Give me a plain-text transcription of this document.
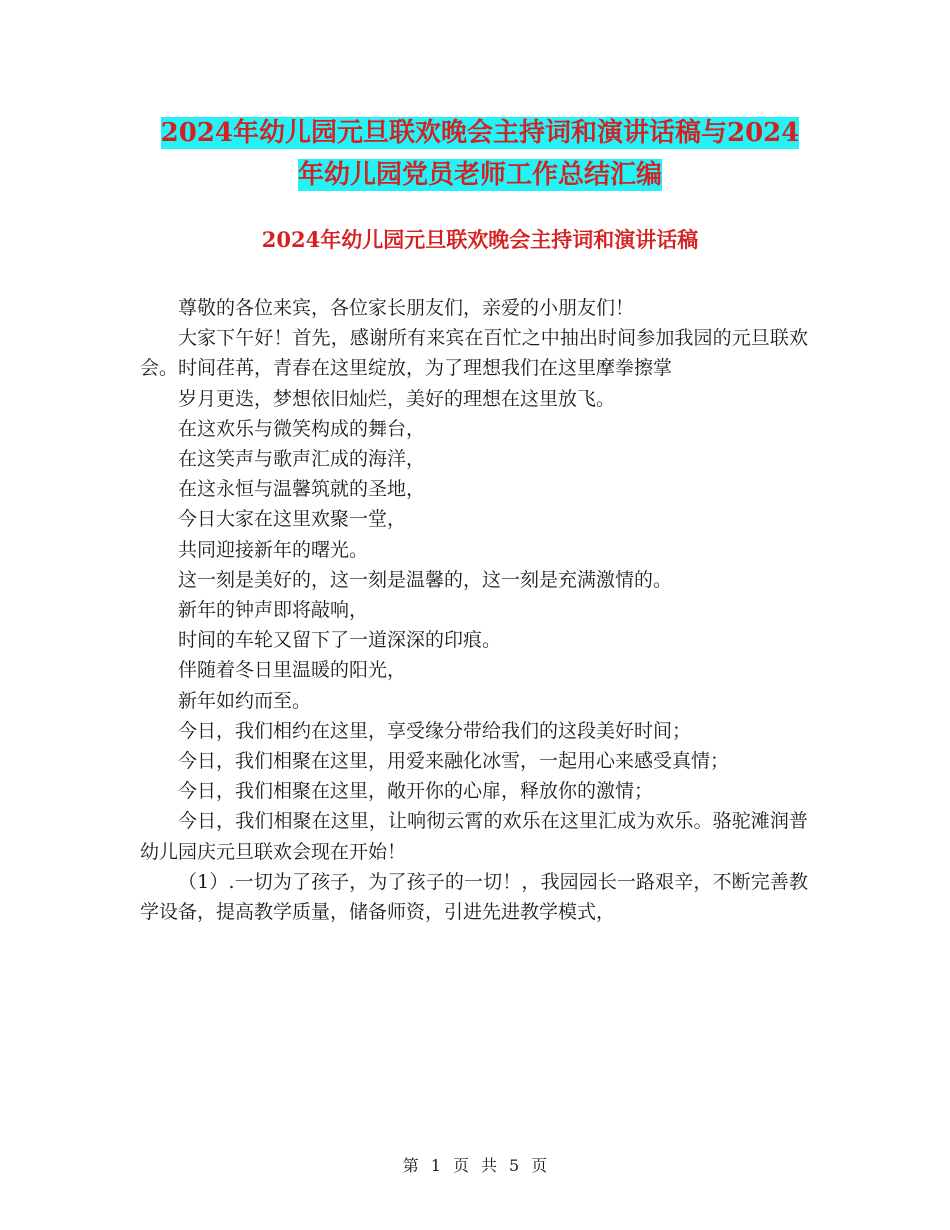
2024年幼儿园元旦联欢晚会主持词和演讲话稿与2024
年幼儿园党员老师工作总结汇编
2024年幼儿园元旦联欢晚会主持词和演讲话稿

尊敬的各位来宾，各位家长朋友们，亲爱的小朋友们！

大家下午好！首先，感谢所有来宾在百忙之中抽出时间参加我园的元旦联欢会。时间荏苒，青春在这里绽放，为了理想我们在这里摩拳擦掌

岁月更迭，梦想依旧灿烂，美好的理想在这里放飞。

在这欢乐与微笑构成的舞台，

在这笑声与歌声汇成的海洋，

在这永恒与温馨筑就的圣地，

今日大家在这里欢聚一堂，

共同迎接新年的曙光。

这一刻是美好的，这一刻是温馨的，这一刻是充满激情的。

新年的钟声即将敲响，

时间的车轮又留下了一道深深的印痕。

伴随着冬日里温暖的阳光，

新年如约而至。

今日，我们相约在这里，享受缘分带给我们的这段美好时间；

今日，我们相聚在这里，用爱来融化冰雪，一起用心来感受真情；

今日，我们相聚在这里，敞开你的心扉，释放你的激情；

今日，我们相聚在这里，让响彻云霄的欢乐在这里汇成为欢乐。骆驼滩润普幼儿园庆元旦联欢会现在开始！

（1）.一切为了孩子，为了孩子的一切！，我园园长一路艰辛，不断完善教学设备，提高教学质量，储备师资，引进先进教学模式，

第 1 页 共 5 页
